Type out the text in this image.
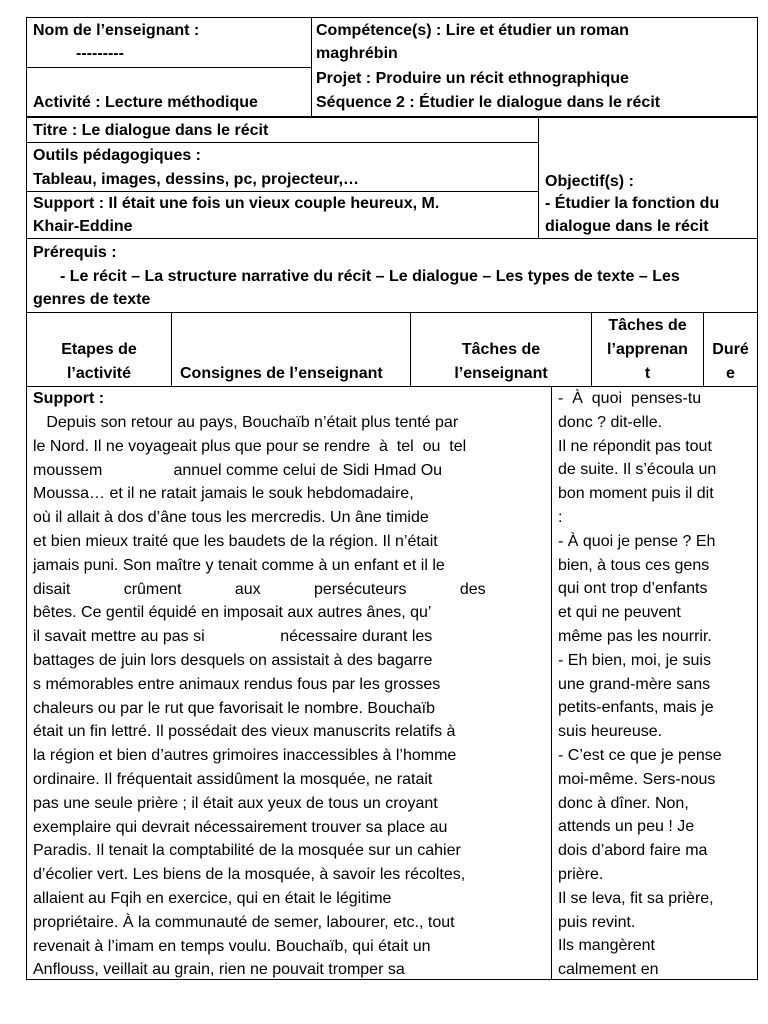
Nom de l’enseignant :
---------
Activité : Lecture méthodique
Compétence(s) : Lire et étudier un roman
maghrébin
Projet : Produire un récit ethnographique
Séquence 2 : Étudier le dialogue dans le récit
Titre : Le dialogue dans le récit
Outils pédagogiques :
Tableau, images, dessins, pc, projecteur,…
Support : Il était une fois un vieux couple heureux, M.
Khair-Eddine
Objectif(s) :
- Étudier la fonction du
dialogue dans le récit
Prérequis :
- Le récit – La structure narrative du récit – Le dialogue – Les types de texte – Les
genres de texte
Etapes de
l’activité	Consignes de l’enseignant
Tâches de
l’enseignant
Tâches de
l’apprenan
t
Duré
e
Support :
Depuis son retour au pays, Bouchaïb n’était plus tenté par
le Nord. Il ne voyageait plus que pour se rendre  à  tel  ou  tel
moussem                annuel comme celui de Sidi Hmad Ou
Moussa… et il ne ratait jamais le souk hebdomadaire,
où il allait à dos d’âne tous les mercredis. Un âne timide
et bien mieux traité que les baudets de la région. Il n’était
jamais puni. Son maître y tenait comme à un enfant et il le
disait            crûment            aux            persécuteurs            des
bêtes. Ce gentil équidé en imposait aux autres ânes, qu’
il savait mettre au pas si                 nécessaire durant les
battages de juin lors desquels on assistait à des bagarre
s mémorables entre animaux rendus fous par les grosses
chaleurs ou par le rut que favorisait le nombre. Bouchaïb
était un fin lettré. Il possédait des vieux manuscrits relatifs à
la région et bien d’autres grimoires inaccessibles à l’homme
ordinaire. Il fréquentait assidûment la mosquée, ne ratait
pas une seule prière ; il était aux yeux de tous un croyant
exemplaire qui devrait nécessairement trouver sa place au
Paradis. Il tenait la comptabilité de la mosquée sur un cahier
d’écolier vert. Les biens de la mosquée, à savoir les récoltes,
allaient au Fqih en exercice, qui en était le légitime
propriétaire. À la communauté de semer, labourer, etc., tout
revenait à l’imam en temps voulu. Bouchaïb, qui était un
Anflouss, veillait au grain, rien ne pouvait tromper sa
-  À  quoi  penses-tu
donc ? dit-elle.
Il ne répondit pas tout
de suite. Il s’écoula un
bon moment puis il dit
:
- À quoi je pense ? Eh
bien, à tous ces gens
qui ont trop d’enfants
et qui ne peuvent
même pas les nourrir.
- Eh bien, moi, je suis
une grand-mère sans
petits-enfants, mais je
suis heureuse.
- C’est ce que je pense
moi-même. Sers-nous
donc à dîner. Non,
attends un peu ! Je
dois d’abord faire ma
prière.
Il se leva, fit sa prière,
puis revint.
Ils mangèrent
calmement en
